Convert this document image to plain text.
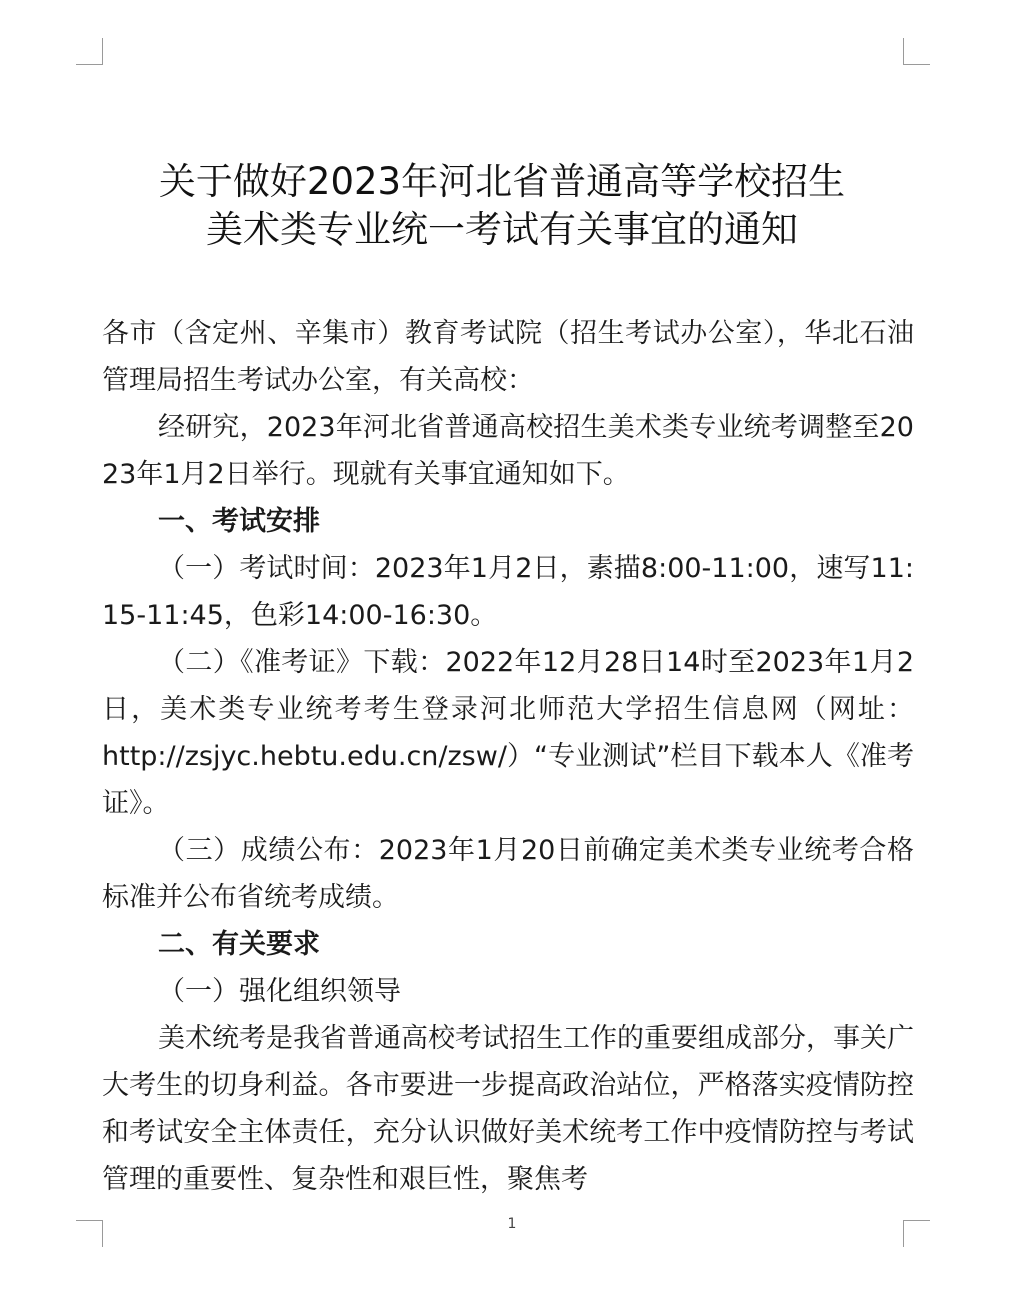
关于做好2023年河北省普通高等学校招生
美术类专业统一考试有关事宜的通知

各市（含定州、辛集市）教育考试院（招生考试办公室），华北石油管理局招生考试办公室，有关高校：

经研究，2023年河北省普通高校招生美术类专业统考调整至2023年1月2日举行。现就有关事宜通知如下。

一、考试安排

（一）考试时间：2023年1月2日，素描8:00-11:00，速写11:15-11:45，色彩14:00-16:30。

（二）《准考证》下载：2022年12月28日14时至2023年1月2日，美术类专业统考考生登录河北师范大学招生信息网（网址：http://zsjyc.hebtu.edu.cn/zsw/）“专业测试”栏目下载本人《准考证》。

（三）成绩公布：2023年1月20日前确定美术类专业统考合格标准并公布省统考成绩。

二、有关要求

（一）强化组织领导

美术统考是我省普通高校考试招生工作的重要组成部分，事关广大考生的切身利益。各市要进一步提高政治站位，严格落实疫情防控和考试安全主体责任，充分认识做好美术统考工作中疫情防控与考试管理的重要性、复杂性和艰巨性，聚焦考

1
